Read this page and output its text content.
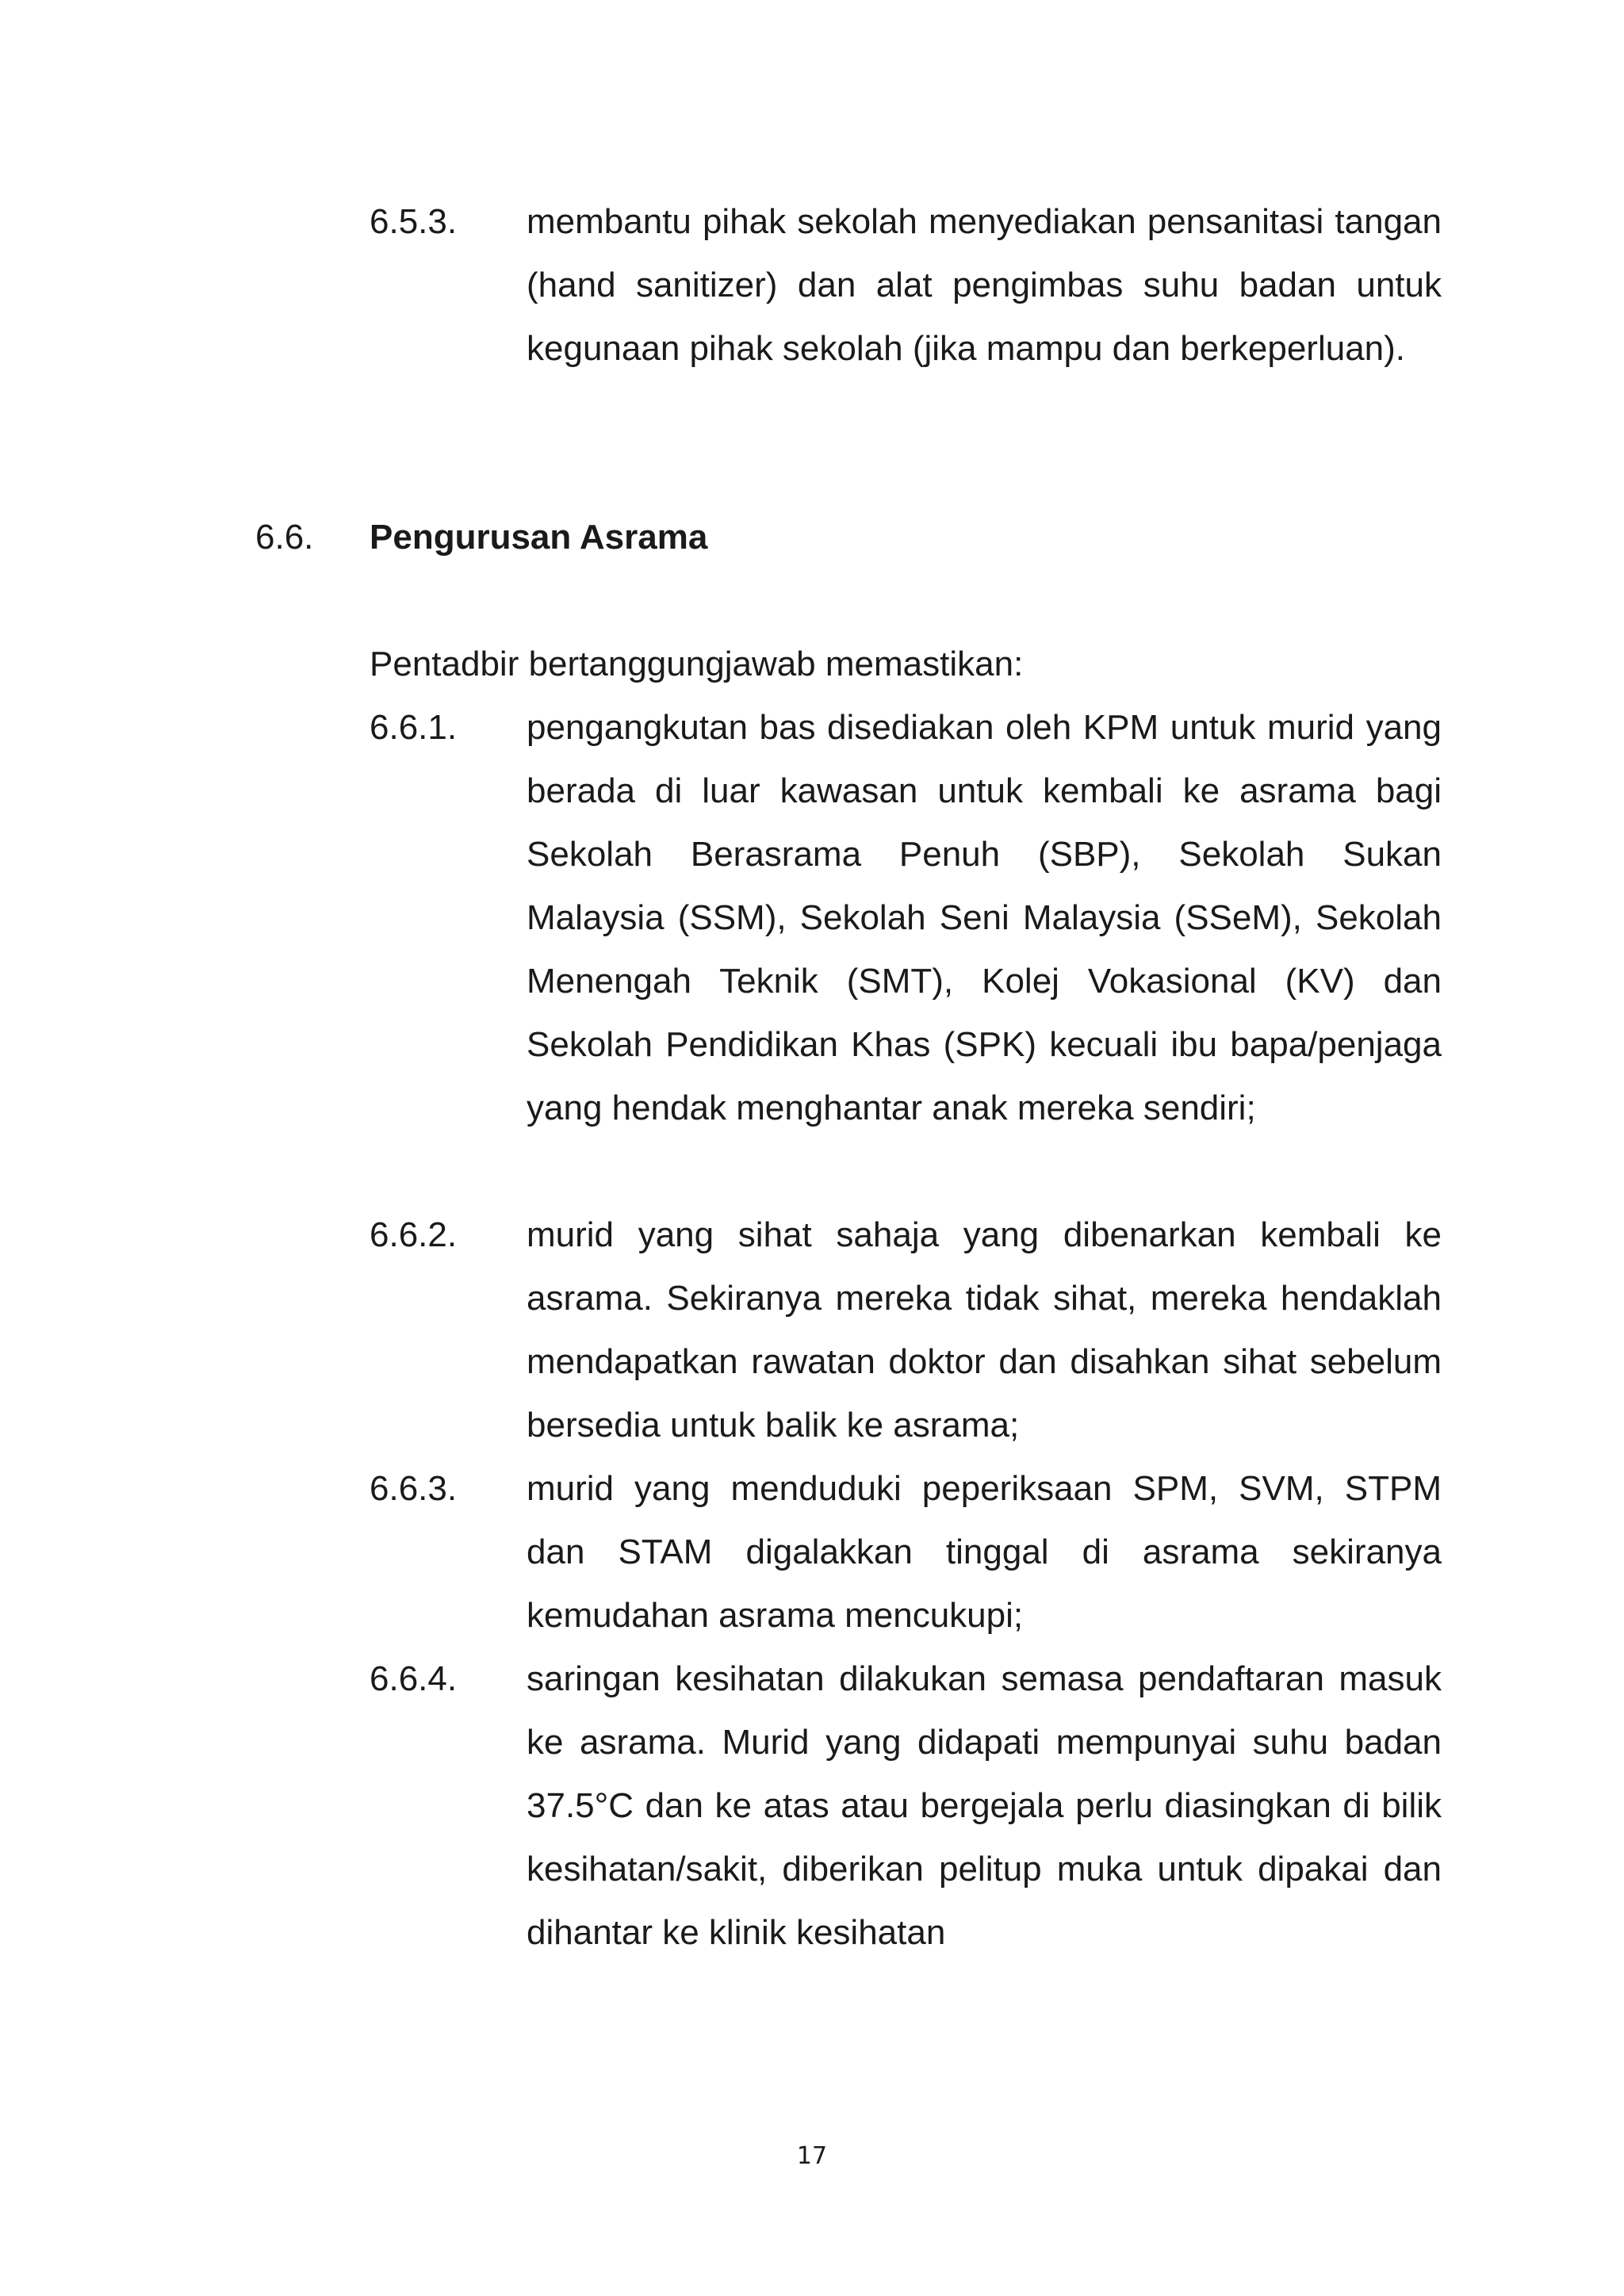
6.5.3. membantu pihak sekolah menyediakan pensanitasi tangan (hand sanitizer) dan alat pengimbas suhu badan untuk kegunaan pihak sekolah (jika mampu dan berkeperluan).
6.6. Pengurusan Asrama
Pentadbir bertanggungjawab memastikan:
6.6.1. pengangkutan bas disediakan oleh KPM untuk murid yang berada di luar kawasan untuk kembali ke asrama bagi Sekolah Berasrama Penuh (SBP), Sekolah Sukan Malaysia (SSM), Sekolah Seni Malaysia (SSeM), Sekolah Menengah Teknik (SMT), Kolej Vokasional (KV) dan Sekolah Pendidikan Khas (SPK) kecuali ibu bapa/penjaga yang hendak menghantar anak mereka sendiri;
6.6.2. murid yang sihat sahaja yang dibenarkan kembali ke asrama. Sekiranya mereka tidak sihat, mereka hendaklah mendapatkan rawatan doktor dan disahkan sihat sebelum bersedia untuk balik ke asrama;
6.6.3. murid yang menduduki peperiksaan SPM, SVM, STPM dan STAM digalakkan tinggal di asrama sekiranya kemudahan asrama mencukupi;
6.6.4. saringan kesihatan dilakukan semasa pendaftaran masuk ke asrama. Murid yang didapati mempunyai suhu badan 37.5°C dan ke atas atau bergejala perlu diasingkan di bilik kesihatan/sakit, diberikan pelitup muka untuk dipakai dan dihantar ke klinik kesihatan
17
